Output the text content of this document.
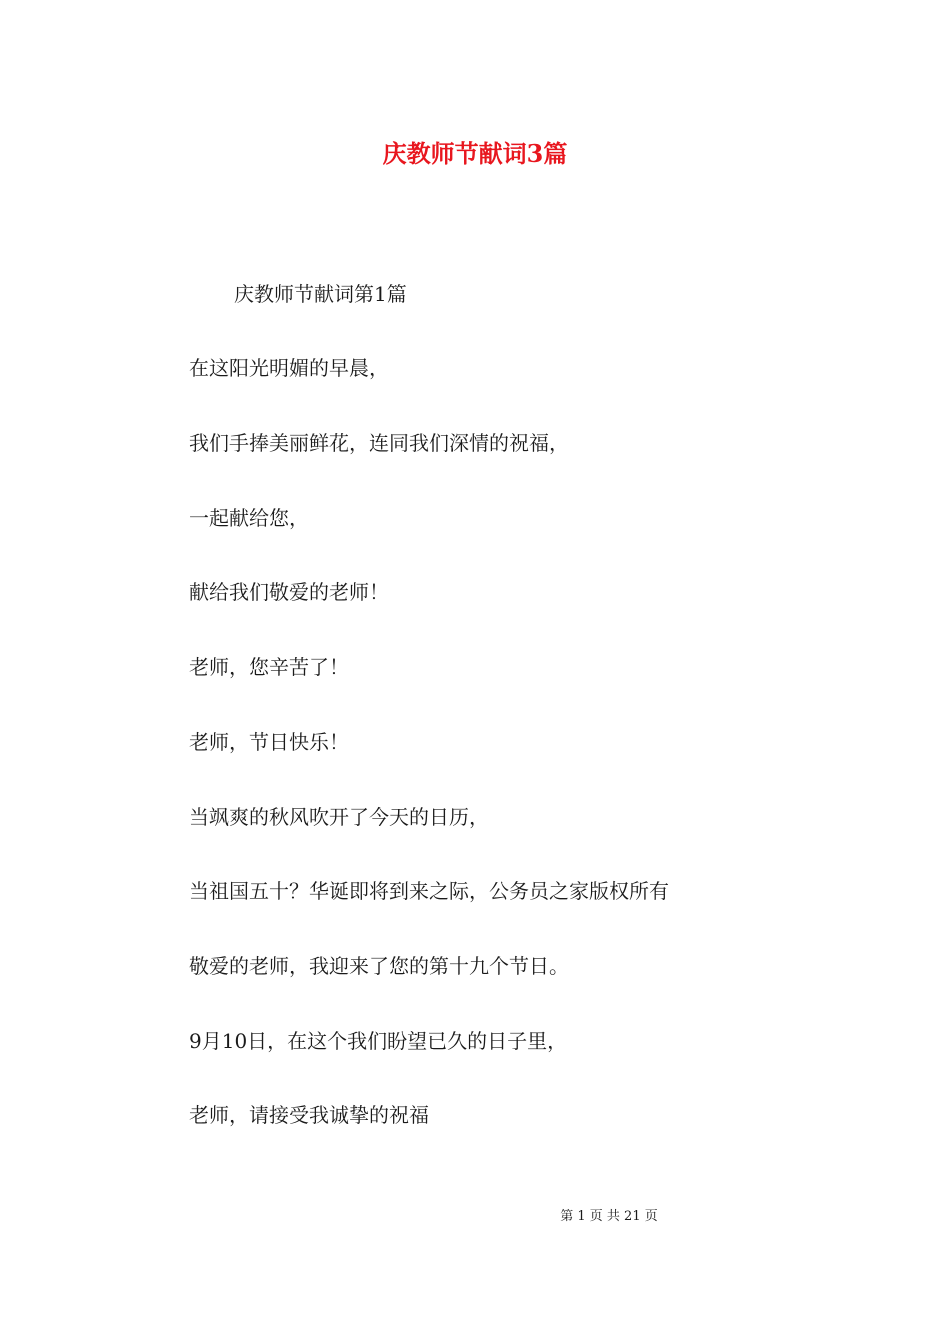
庆教师节献词3篇
庆教师节献词第1篇

在这阳光明媚的早晨，

我们手捧美丽鲜花，连同我们深情的祝福，

一起献给您，

献给我们敬爱的老师！

老师，您辛苦了！

老师，节日快乐！

当飒爽的秋风吹开了今天的日历，

当祖国五十？华诞即将到来之际，公务员之家版权所有

敬爱的老师，我迎来了您的第十九个节日。

9月10日，在这个我们盼望已久的日子里，

老师，请接受我诚挚的祝福

第 1 页 共 21 页
